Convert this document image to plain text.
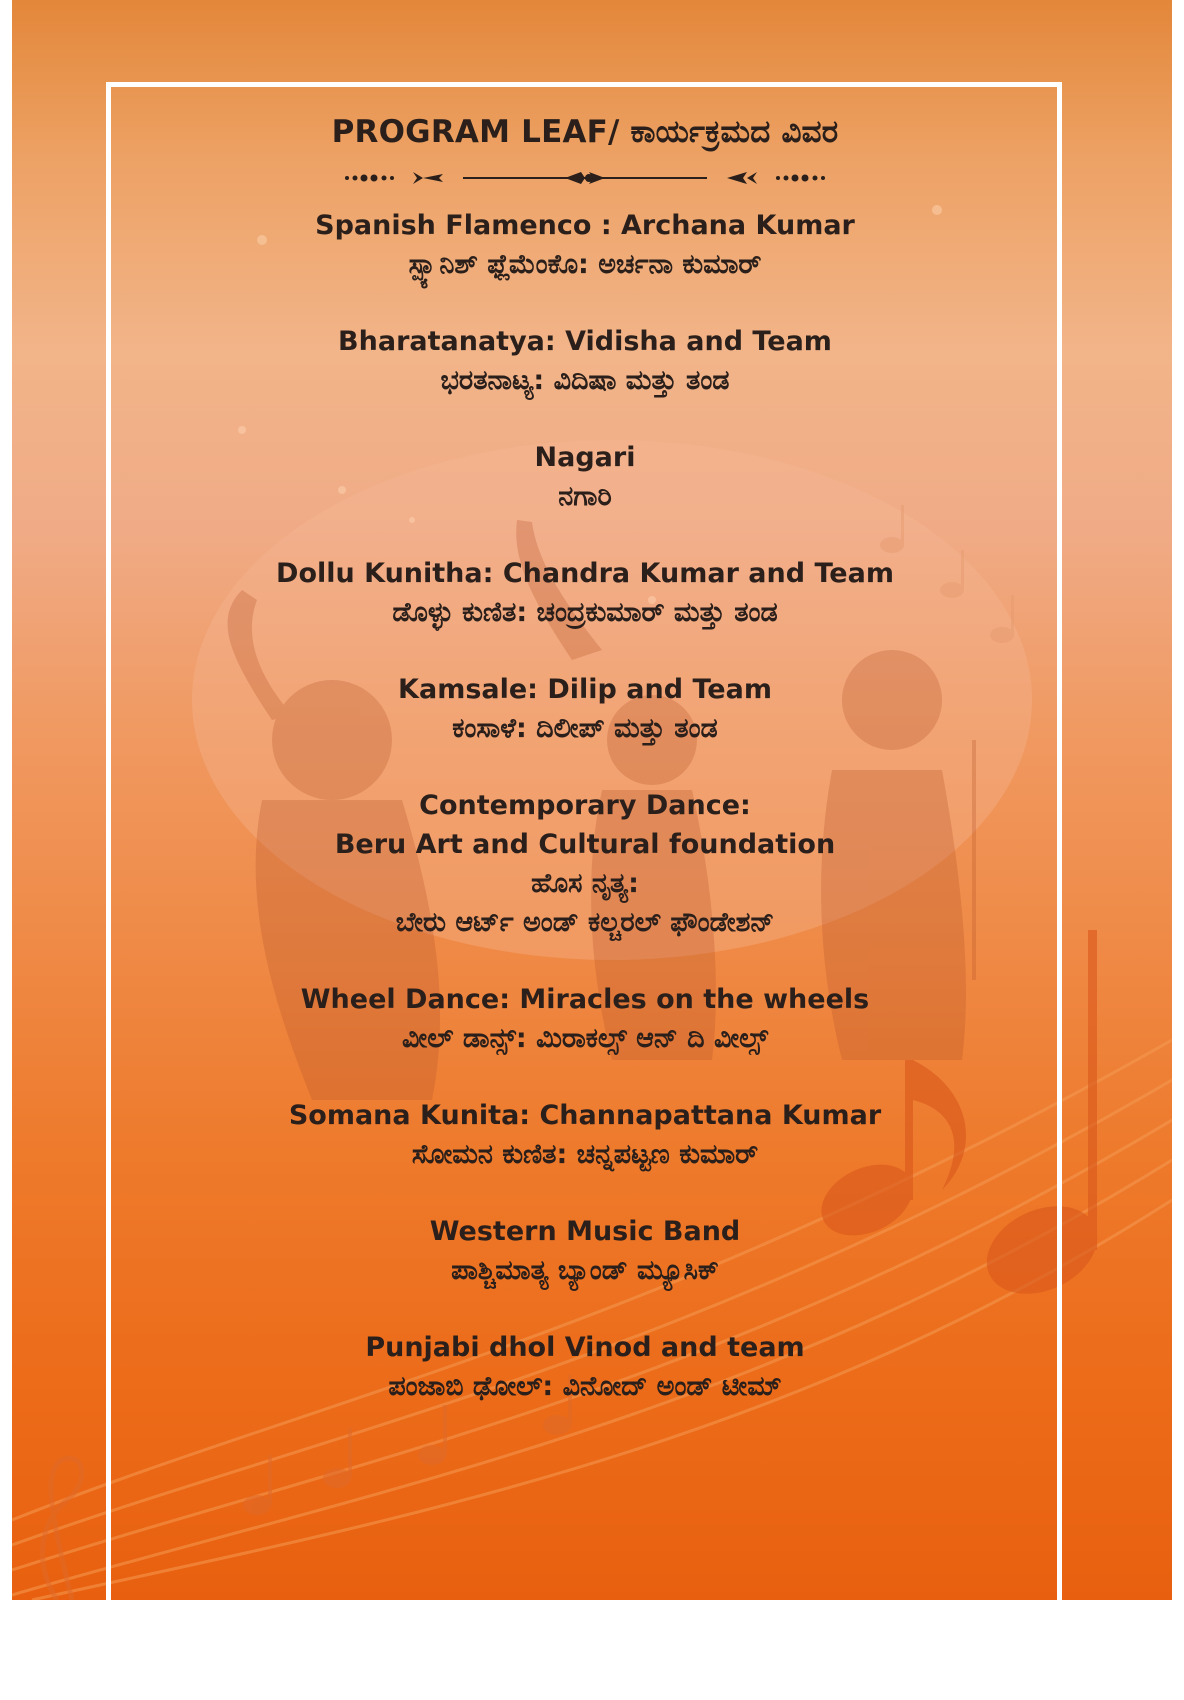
PROGRAM LEAF/ ಕಾರ್ಯಕ್ರಮದ ವಿವರ
Spanish Flamenco : Archana Kumar
ಸ್ಪ್ಯಾನಿಶ್ ಫ್ಲೆಮೆಂಕೊ: ಅರ್ಚನಾ ಕುಮಾರ್
Bharatanatya: Vidisha and Team
ಭರತನಾಟ್ಯ: ವಿದಿಷಾ ಮತ್ತು ತಂಡ
Nagari
ನಗಾರಿ
Dollu Kunitha: Chandra Kumar and Team
ಡೊಳ್ಳು ಕುಣಿತ: ಚಂದ್ರಕುಮಾರ್ ಮತ್ತು ತಂಡ
Kamsale: Dilip and Team
ಕಂಸಾಳೆ: ದಿಲೀಪ್ ಮತ್ತು ತಂಡ
Contemporary Dance:
Beru Art and Cultural foundation
ಹೊಸ ನೃತ್ಯ:
ಬೇರು ಆರ್ಟ್ ಅಂಡ್ ಕಲ್ಚರಲ್ ಫೌಂಡೇಶನ್
Wheel Dance: Miracles on the wheels
ವೀಲ್ ಡಾನ್ಸ್: ಮಿರಾಕಲ್ಸ್ ಆನ್ ದಿ ವೀಲ್ಸ್
Somana Kunita: Channapattana Kumar
ಸೋಮನ ಕುಣಿತ: ಚನ್ನಪಟ್ಟಣ ಕುಮಾರ್
Western Music Band
ಪಾಶ್ಚಿಮಾತ್ಯ ಬ್ಯಾಂಡ್ ಮ್ಯೂಸಿಕ್
Punjabi dhol Vinod and team
ಪಂಜಾಬಿ ಢೋಲ್: ವಿನೋದ್ ಅಂಡ್ ಟೀಮ್
